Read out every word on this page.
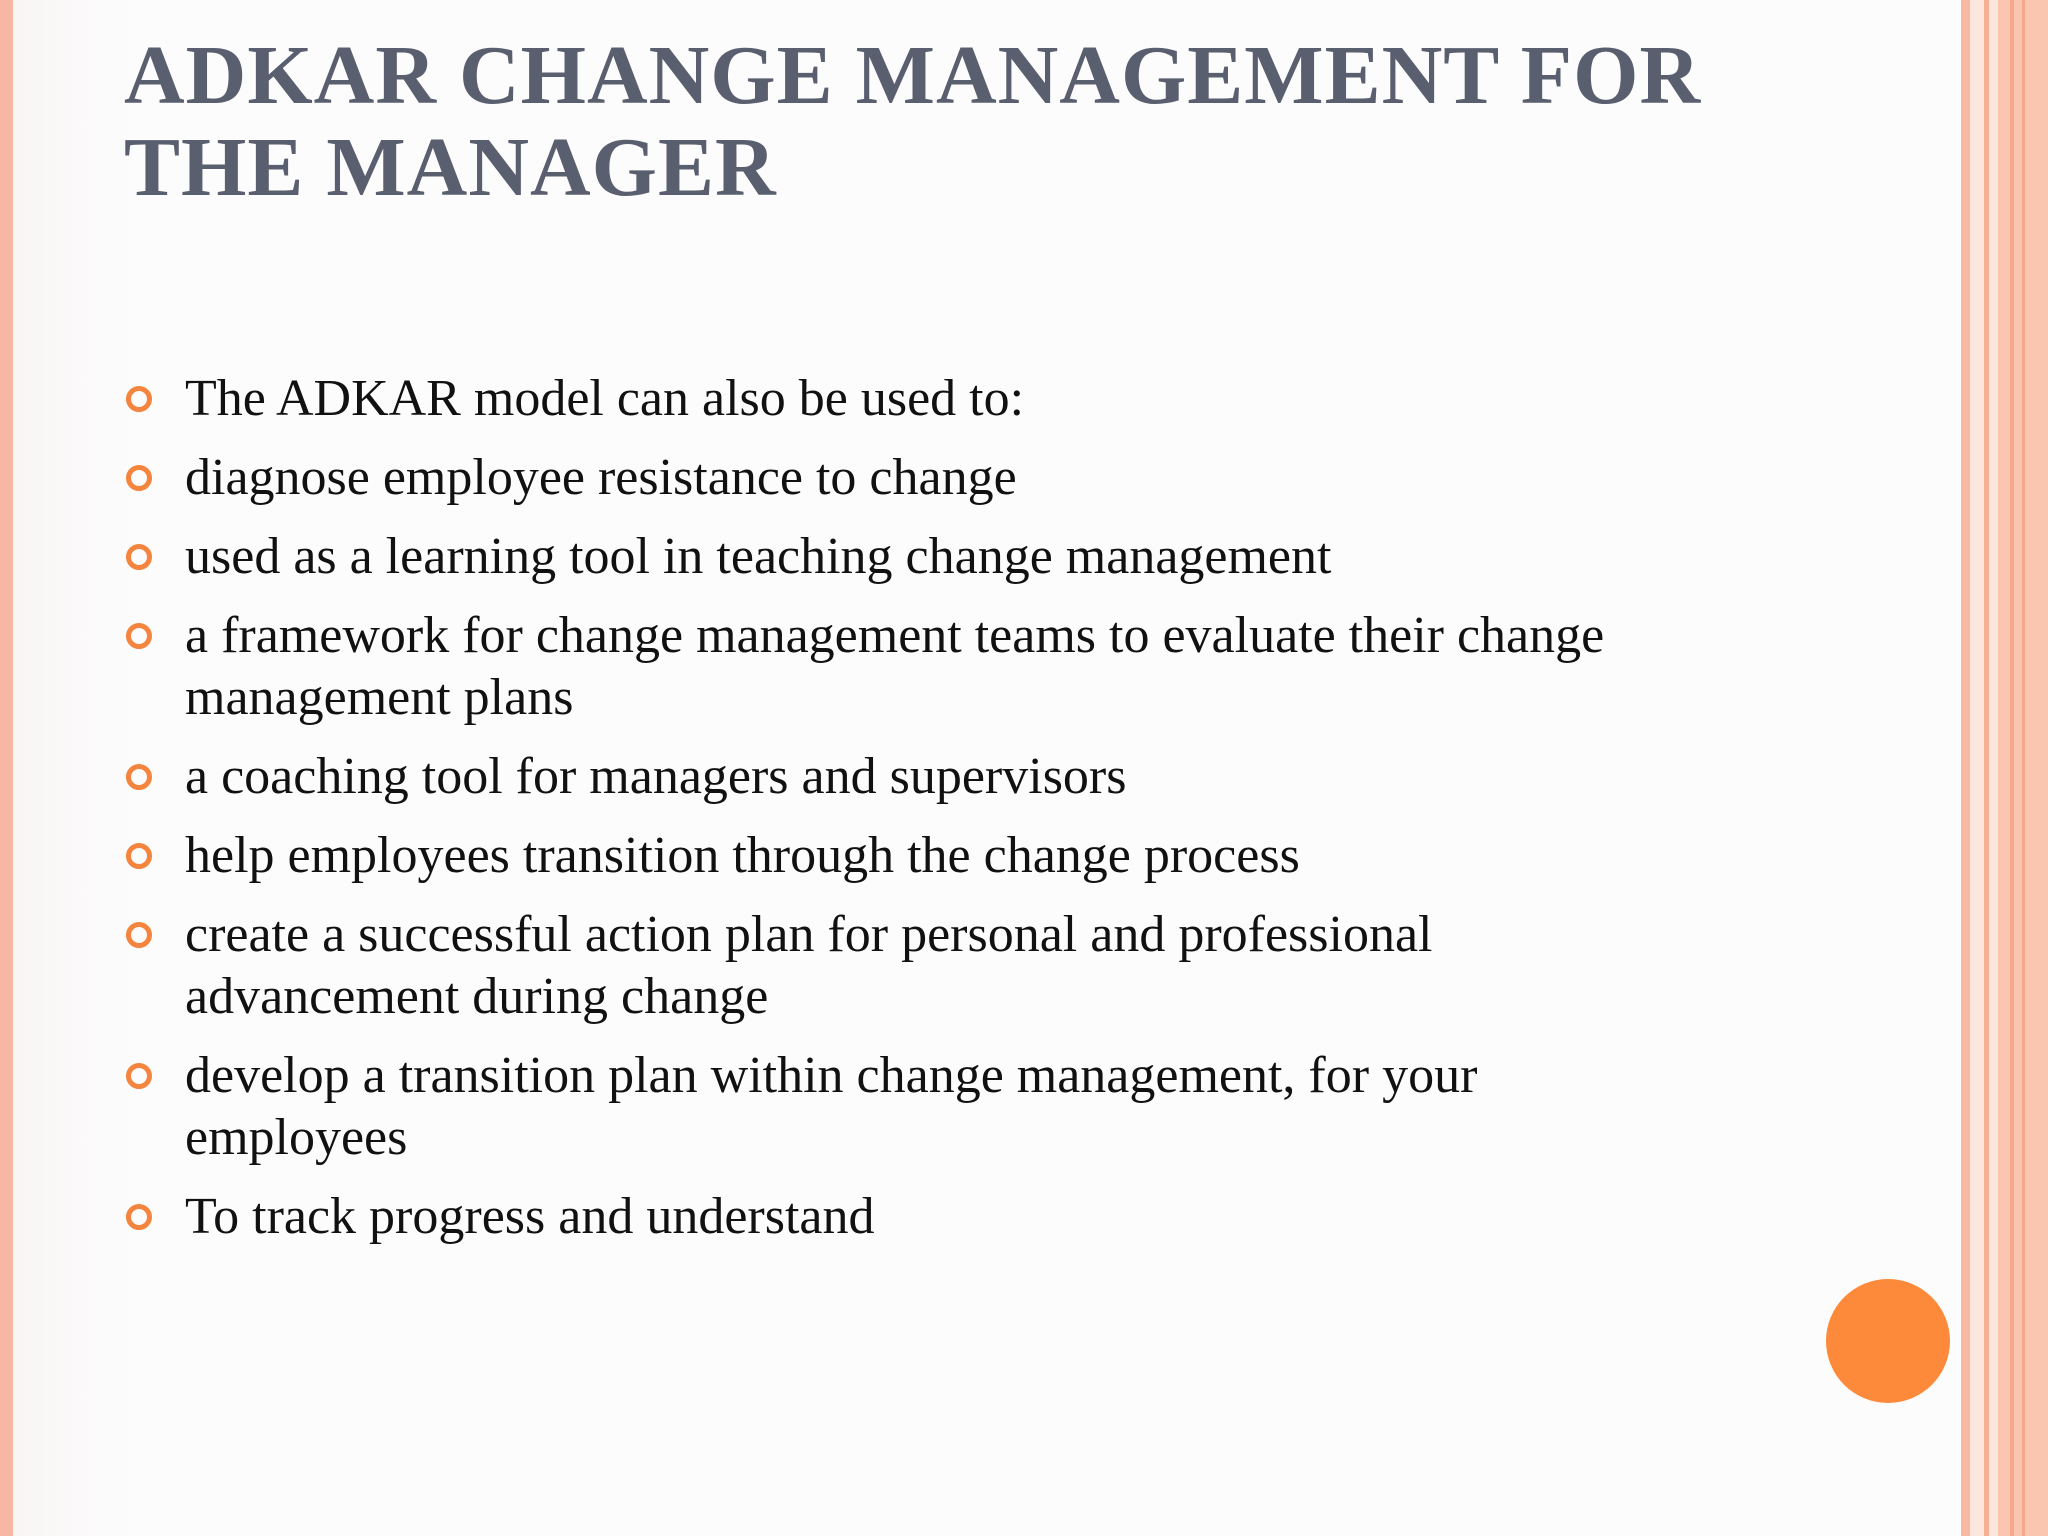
ADKAR CHANGE MANAGEMENT FOR THE MANAGER
The ADKAR model can also be used to:
diagnose employee resistance to change
used as a learning tool in teaching change management
a framework for change management teams to evaluate their change management plans
a coaching tool for managers and supervisors
help employees transition through the change process
create a successful action plan for personal and professional advancement during change
develop a transition plan within change management, for your employees
To track progress and understand
